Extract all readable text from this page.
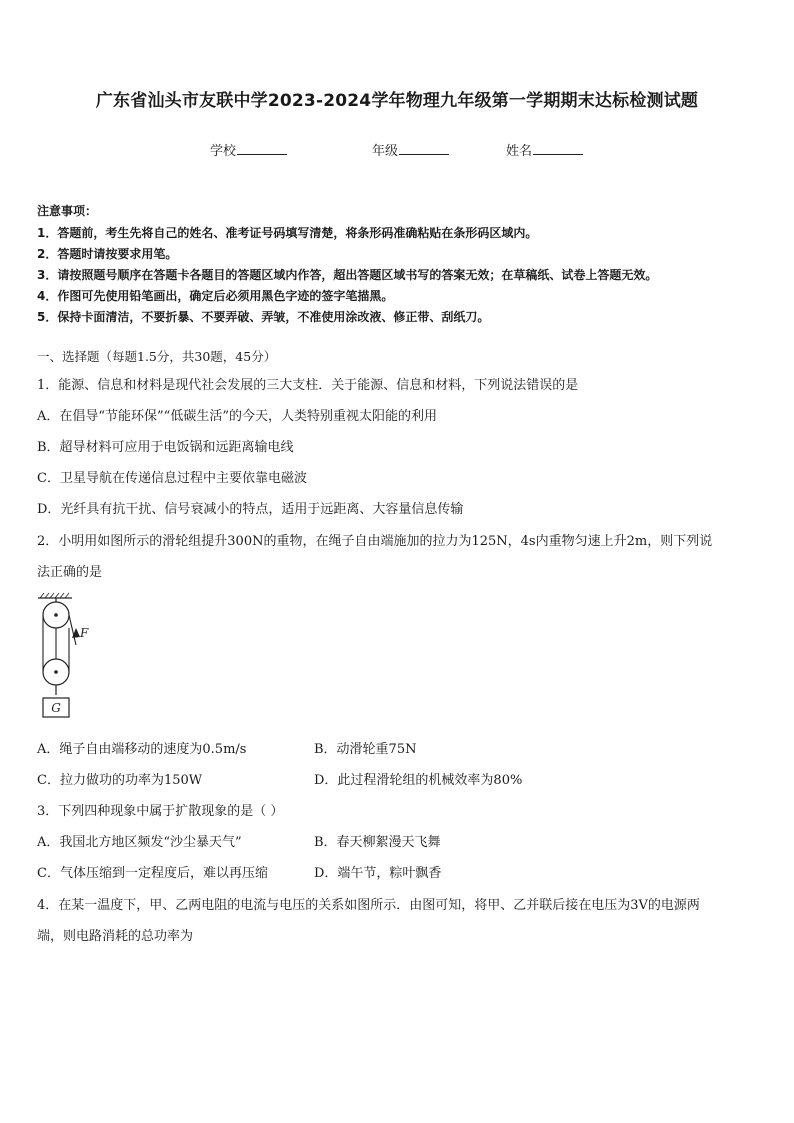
广东省汕头市友联中学2023-2024学年物理九年级第一学期期末达标检测试题
学校	年级	姓名
注意事项：
1．答题前，考生先将自己的姓名、准考证号码填写清楚，将条形码准确粘贴在条形码区域内。
2．答题时请按要求用笔。
3．请按照题号顺序在答题卡各题目的答题区域内作答，超出答题区域书写的答案无效；在草稿纸、试卷上答题无效。
4．作图可先使用铅笔画出，确定后必须用黑色字迹的签字笔描黑。
5．保持卡面清洁，不要折暴、不要弄破、弄皱，不准使用涂改液、修正带、刮纸刀。
一、选择题（每题1.5分，共30题，45分）
1．能源、信息和材料是现代社会发展的三大支柱．关于能源、信息和材料，下列说法错误的是
A．在倡导“节能环保”“低碳生活”的今天，人类特别重视太阳能的利用
B．超导材料可应用于电饭锅和远距离输电线
C．卫星导航在传递信息过程中主要依靠电磁波
D．光纤具有抗干扰、信号衰减小的特点，适用于远距离、大容量信息传输
2．小明用如图所示的滑轮组提升300N的重物，在绳子自由端施加的拉力为125N，4s内重物匀速上升2m，则下列说
法正确的是
F
G
A．绳子自由端移动的速度为0.5m/s	B．动滑轮重75N
C．拉力做功的功率为150W	D．此过程滑轮组的机械效率为80%
3．下列四种现象中属于扩散现象的是（ ）
A．我国北方地区频发“沙尘暴天气”	B．春天柳絮漫天飞舞
C．气体压缩到一定程度后，难以再压缩	D．端午节，粽叶飘香
4．在某一温度下，甲、乙两电阻的电流与电压的关系如图所示．由图可知，将甲、乙并联后接在电压为3V的电源两
端，则电路消耗的总功率为
